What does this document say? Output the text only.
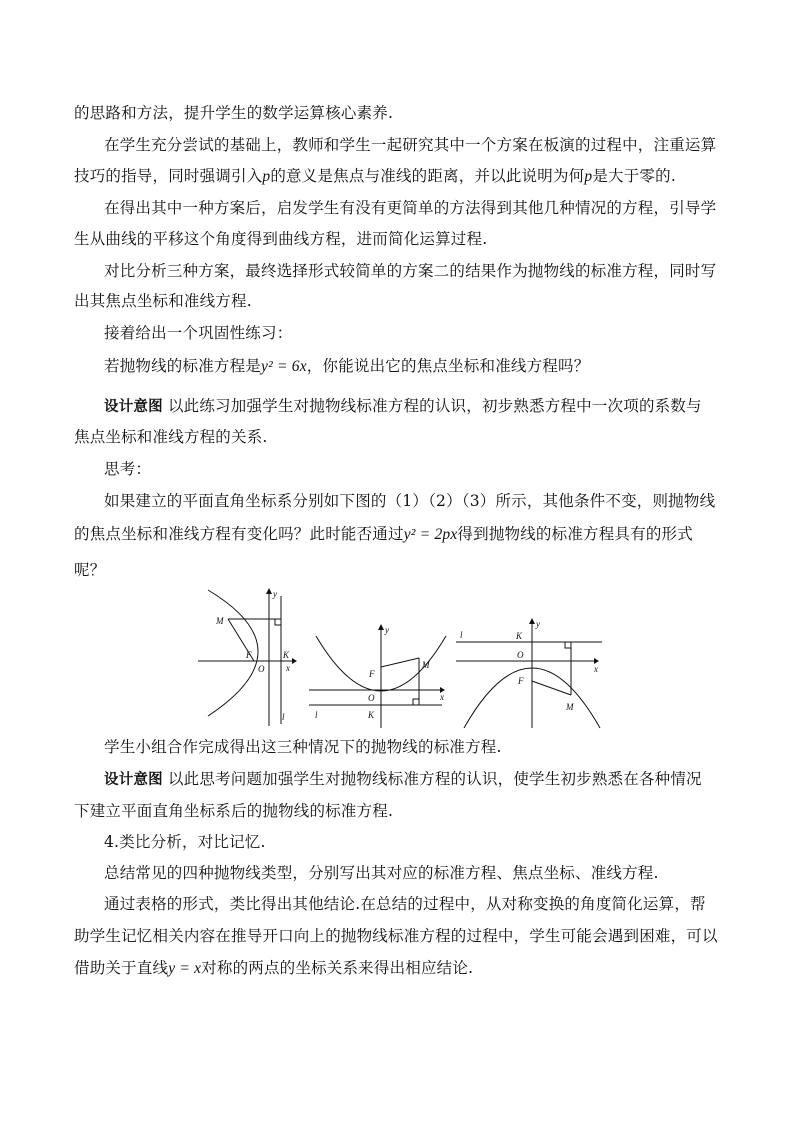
的思路和方法，提升学生的数学运算核心素养.
在学生充分尝试的基础上，教师和学生一起研究其中一个方案在板演的过程中，注重运算
技巧的指导，同时强调引入p的意义是焦点与准线的距离，并以此说明为何p是大于零的.
在得出其中一种方案后，启发学生有没有更简单的方法得到其他几种情况的方程，引导学
生从曲线的平移这个角度得到曲线方程，进而简化运算过程.
对比分析三种方案，最终选择形式较简单的方案二的结果作为抛物线的标准方程，同时写
出其焦点坐标和准线方程.
接着给出一个巩固性练习：
若抛物线的标准方程是y² = 6x，你能说出它的焦点坐标和准线方程吗？
设计意图 以此练习加强学生对抛物线标准方程的认识，初步熟悉方程中一次项的系数与
焦点坐标和准线方程的关系.
思考：
如果建立的平面直角坐标系分别如下图的（1）（2）（3）所示，其他条件不变，则抛物线
的焦点坐标和准线方程有变化吗？此时能否通过y² = 2px得到抛物线的标准方程具有的形式
呢？
M
F
O
K
x
y
l
y
M
F
O	x
l	K
l	K
y
O
x
F
M
学生小组合作完成得出这三种情况下的抛物线的标准方程.
设计意图 以此思考问题加强学生对抛物线标准方程的认识，使学生初步熟悉在各种情况
下建立平面直角坐标系后的抛物线的标准方程.
4.类比分析，对比记忆.
总结常见的四种抛物线类型，分别写出其对应的标准方程、焦点坐标、准线方程.
通过表格的形式，类比得出其他结论.在总结的过程中，从对称变换的角度简化运算，帮
助学生记忆相关内容在推导开口向上的抛物线标准方程的过程中，学生可能会遇到困难，可以
借助关于直线y = x对称的两点的坐标关系来得出相应结论.
